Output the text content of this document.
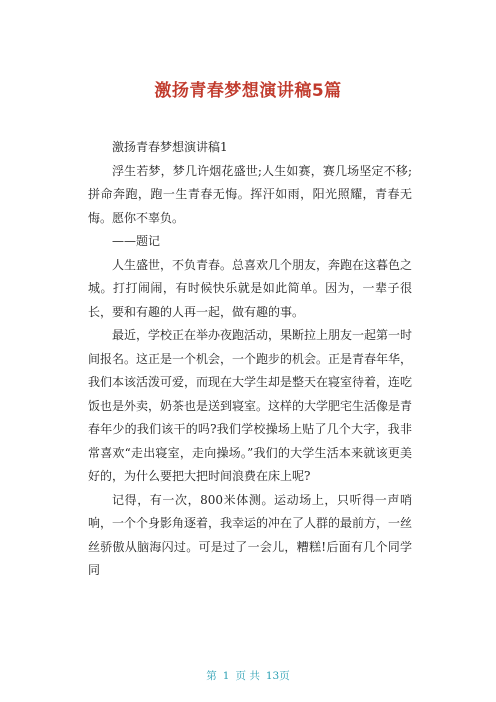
激扬青春梦想演讲稿5篇

激扬青春梦想演讲稿1

浮生若梦，梦几许烟花盛世;人生如赛，赛几场坚定不移;拼命奔跑，跑一生青春无悔。挥汗如雨，阳光照耀，青春无悔。愿你不辜负。

——题记

人生盛世，不负青春。总喜欢几个朋友，奔跑在这暮色之城。打打闹闹，有时候快乐就是如此简单。因为，一辈子很长，要和有趣的人再一起，做有趣的事。

最近，学校正在举办夜跑活动，果断拉上朋友一起第一时间报名。这正是一个机会，一个跑步的机会。正是青春年华，我们本该活泼可爱，而现在大学生却是整天在寝室待着，连吃饭也是外卖，奶茶也是送到寝室。这样的大学肥宅生活像是青春年少的我们该干的吗?我们学校操场上贴了几个大字，我非常喜欢“走出寝室，走向操场。”我们的大学生活本来就该更美好的，为什么要把大把时间浪费在床上呢?

记得，有一次，800米体测。运动场上，只听得一声哨响，一个个身影角逐着，我幸运的冲在了人群的最前方，一丝丝骄傲从脑海闪过。可是过了一会儿，糟糕!后面有几个同学同

第 1 页 共 13页
